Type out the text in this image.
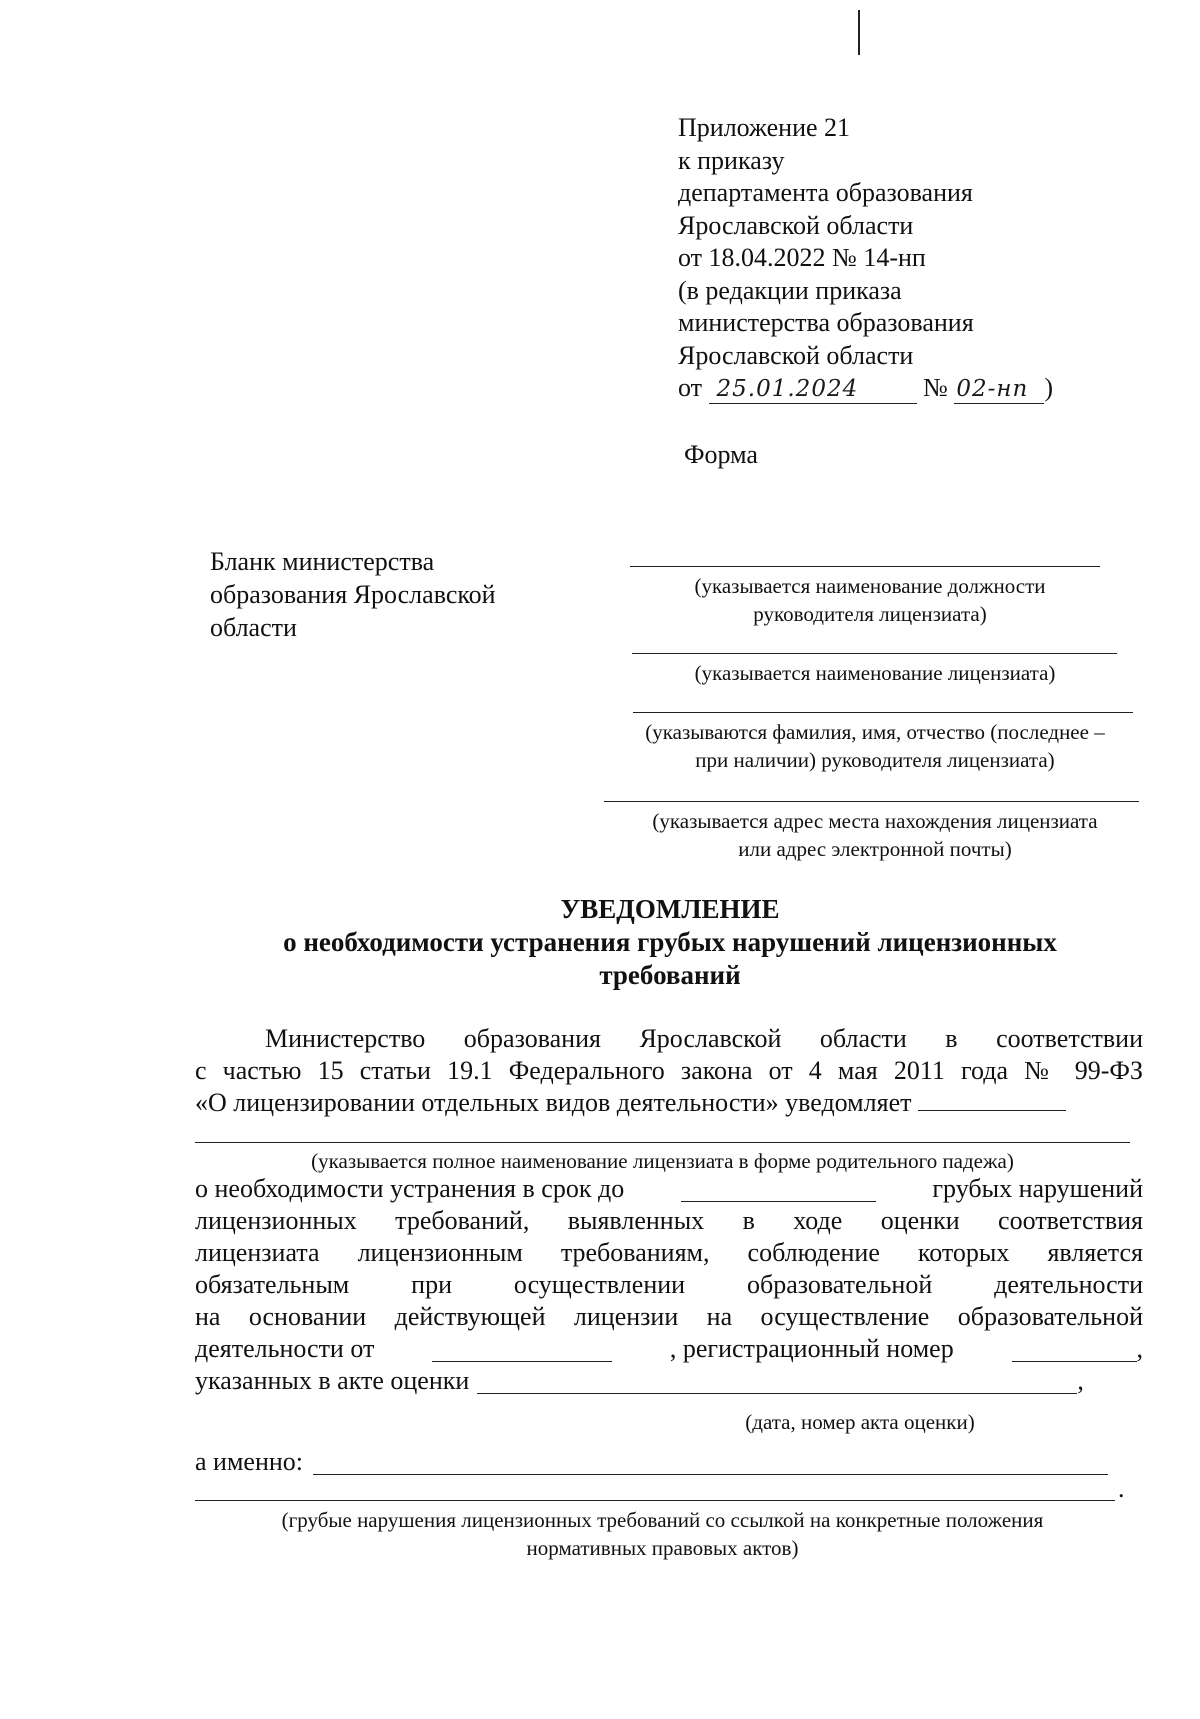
Приложение 21
к приказу
департамента образования
Ярославской области
от 18.04.2022 № 14-нп
(в редакции приказа
министерства образования
Ярославской области
от 25.01.2024 № 02-нп )
Форма
Бланк министерства
образования Ярославской
области
(указывается наименование должности
руководителя лицензиата)
(указывается наименование лицензиата)
(указываются фамилия, имя, отчество (последнее –
при наличии) руководителя лицензиата)
(указывается адрес места нахождения лицензиата
или адрес электронной почты)
УВЕДОМЛЕНИЕ
о необходимости устранения грубых нарушений лицензионных
требований
Министерство образования Ярославской области в соответствии
с частью 15 статьи 19.1 Федерального закона от 4 мая 2011 года № 99-ФЗ
«О лицензировании отдельных видов деятельности» уведомляет
(указывается полное наименование лицензиата в форме родительного падежа)
о необходимости устранения в срок до	грубых нарушений
лицензионных требований, выявленных в ходе оценки соответствия
лицензиата лицензионным требованиям, соблюдение которых является
обязательным при осуществлении образовательной деятельности
на основании действующей лицензии на осуществление образовательной
деятельности от	, регистрационный номер	,
указанных в акте оценки	,
(дата, номер акта оценки)
а именно:
.
(грубые нарушения лицензионных требований со ссылкой на конкретные положения
нормативных правовых актов)
